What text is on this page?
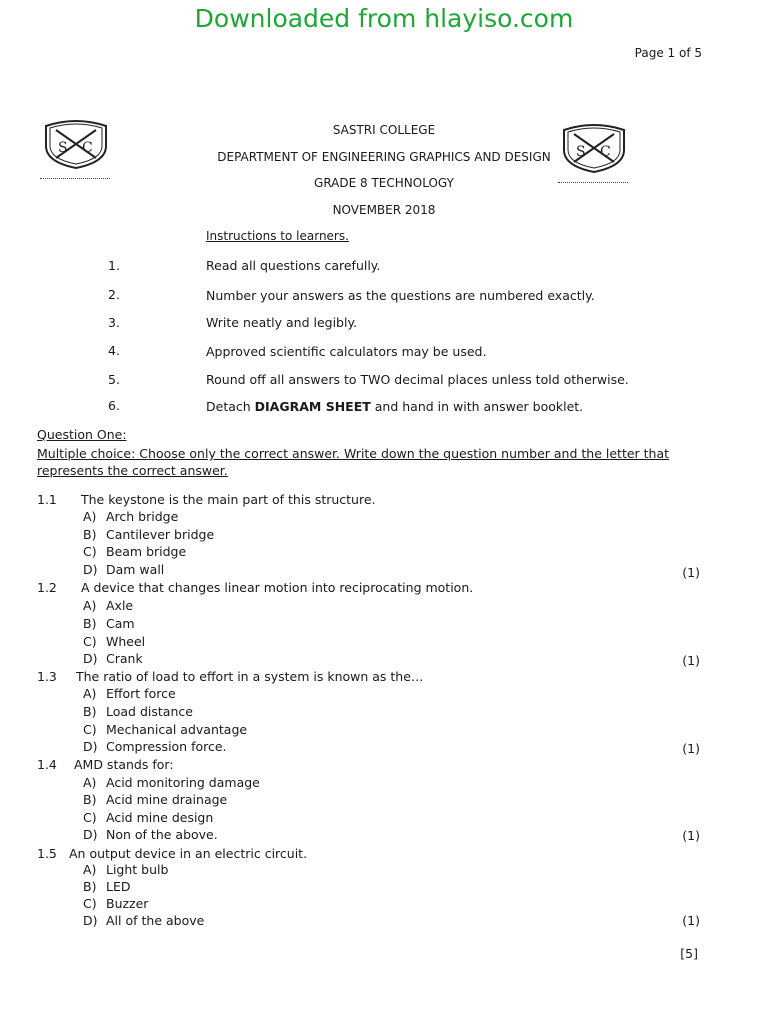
Downloaded from hlayiso.com
Page 1 of 5
S C	S C
SASTRI COLLEGE
DEPARTMENT OF ENGINEERING GRAPHICS AND DESIGN
GRADE 8 TECHNOLOGY
NOVEMBER 2018
Instructions to learners.
1.	Read all questions carefully.
2.	Number your answers as the questions are numbered exactly.
3.	Write neatly and legibly.
4.	Approved scientific calculators may be used.
5.	Round off all answers to TWO decimal places unless told otherwise.
6.	Detach DIAGRAM SHEET and hand in with answer booklet.
Question One:
Multiple choice: Choose only the correct answer. Write down the question number and the letter that
represents the correct answer.
1.1 The keystone is the main part of this structure.
A) Arch bridge
B) Cantilever bridge
C) Beam bridge
D) Dam wall	(1)
1.2 A device that changes linear motion into reciprocating motion.
A) Axle
B) Cam
C) Wheel
D) Crank	(1)
1.3 The ratio of load to effort in a system is known as the…
A) Effort force
B) Load distance
C) Mechanical advantage
D) Compression force.	(1)
1.4 AMD stands for:
A) Acid monitoring damage
B) Acid mine drainage
C) Acid mine design
D) Non of the above.	(1)
1.5 An output device in an electric circuit.
A) Light bulb
B) LED
C) Buzzer
D) All of the above	(1)
[5]
